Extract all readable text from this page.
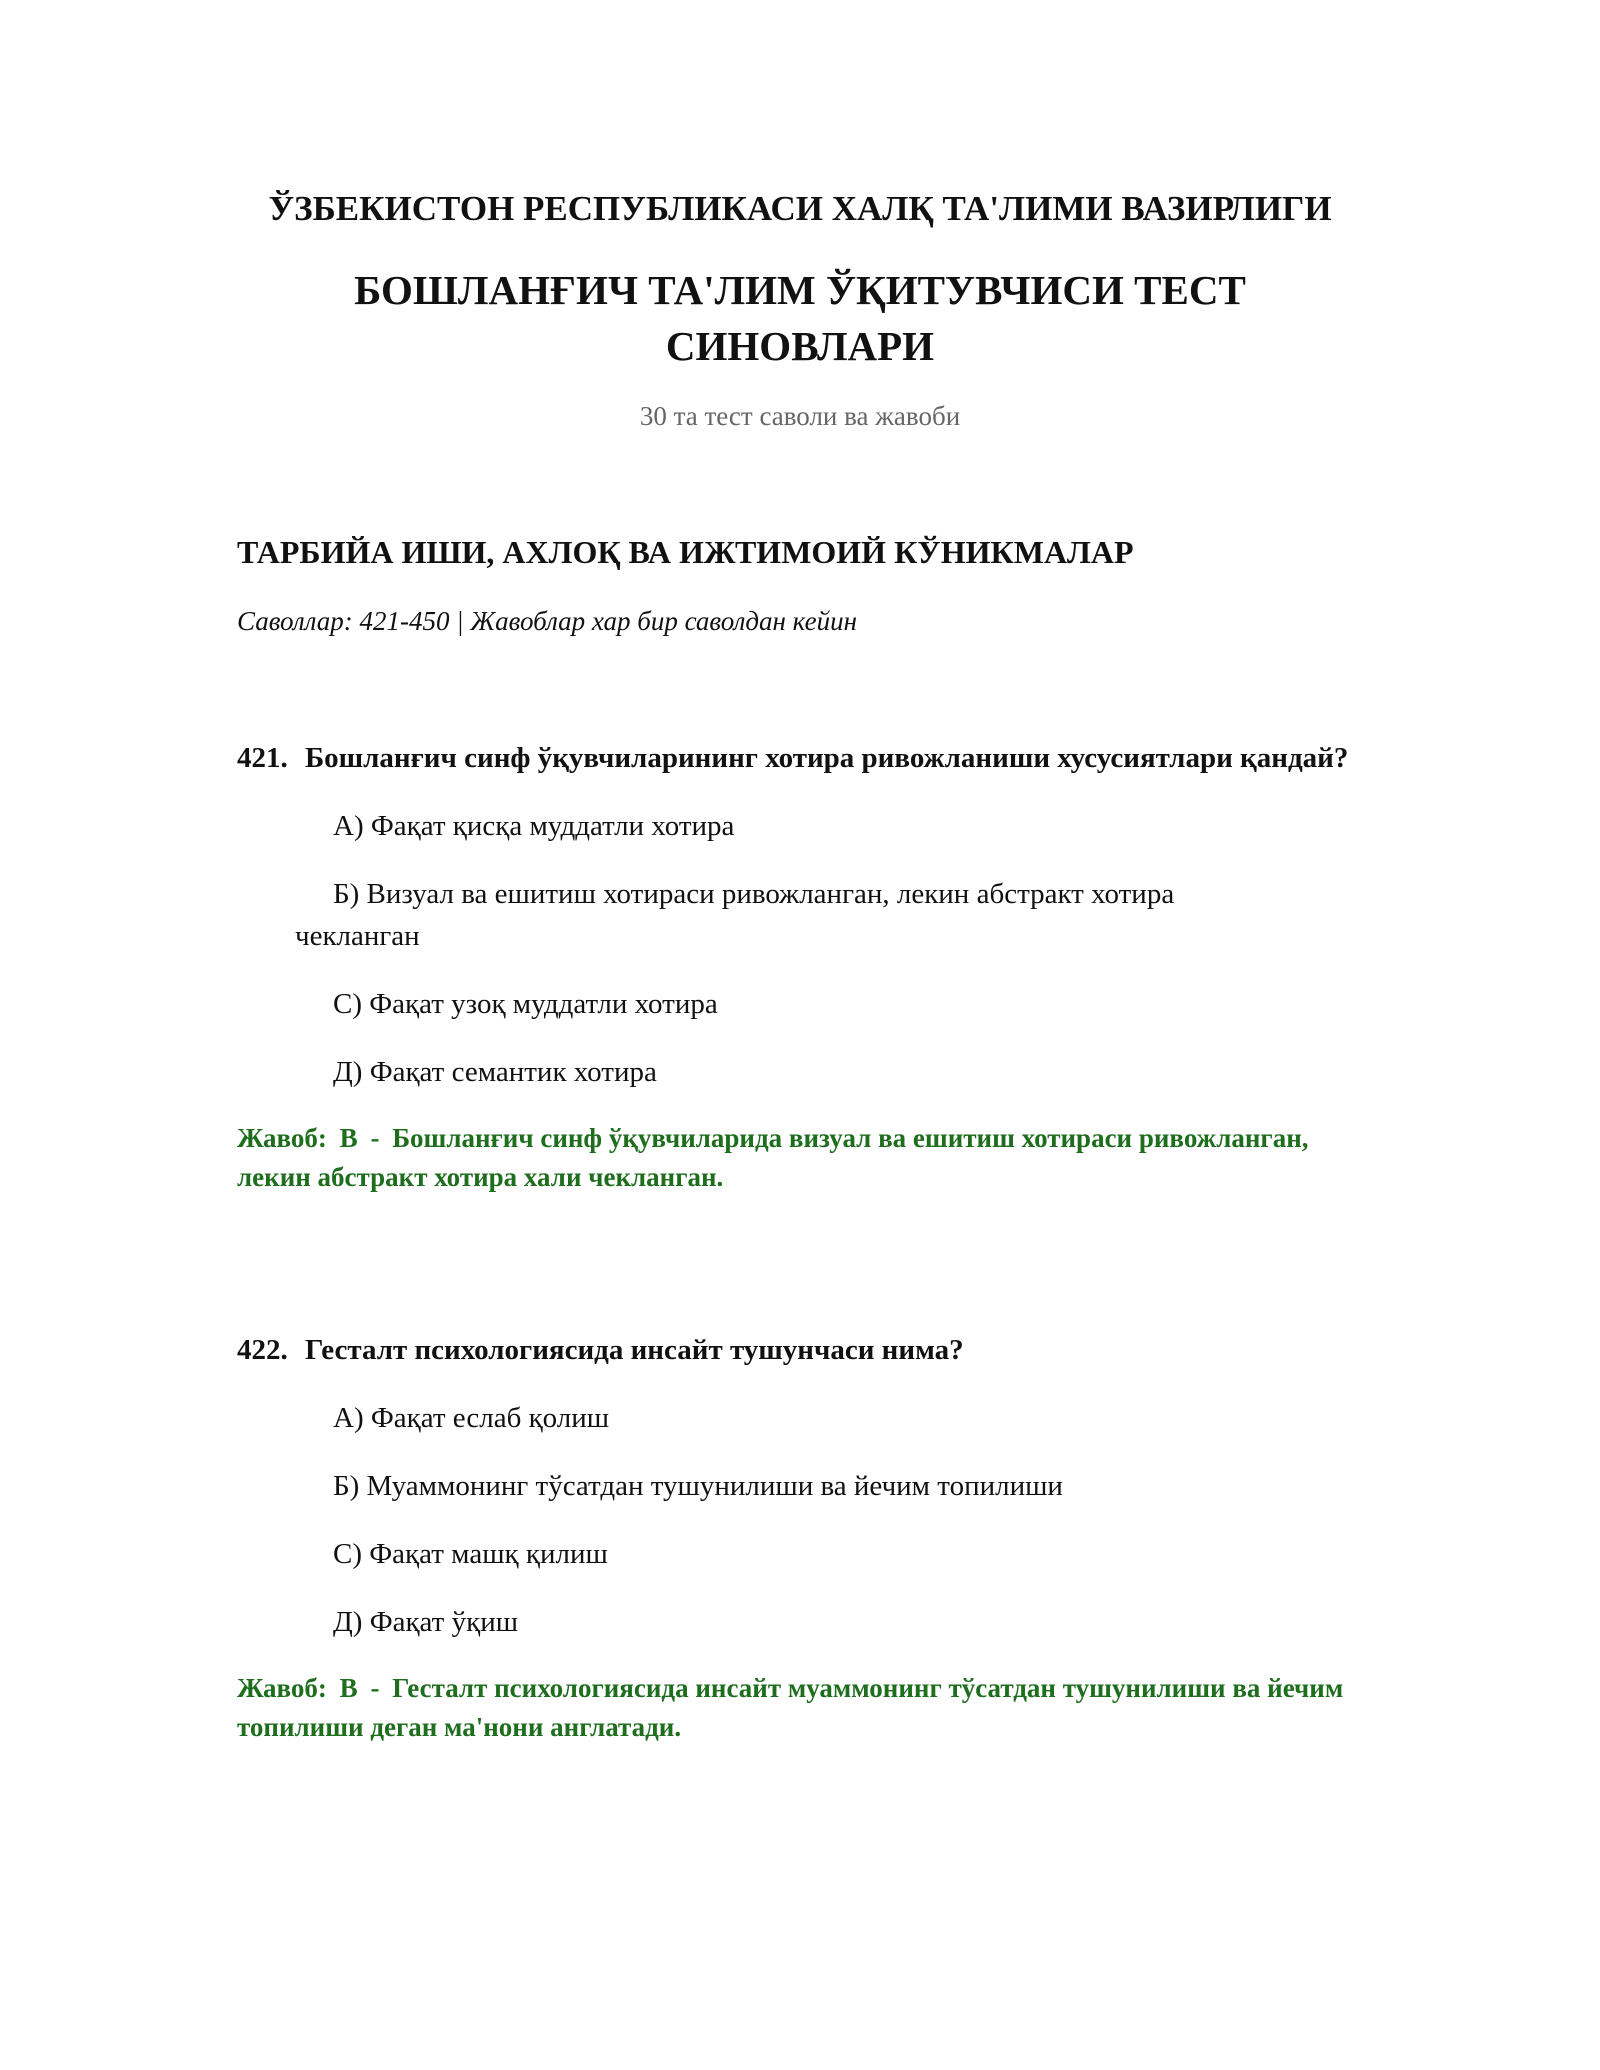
ЎЗБЕКИСТОН РЕСПУБЛИКАСИ ХАЛҚ ТА'ЛИМИ ВАЗИРЛИГИ
БОШЛАНҒИЧ ТА'ЛИМ ЎҚИТУВЧИСИ ТЕСТ СИНОВЛАРИ
30 та тест саволи ва жавоби
ТАРБИЙА ИШИ, АХЛОҚ ВА ИЖТИМОИЙ КЎНИКМАЛАР
Саволлар: 421-450 | Жавоблар хар бир саволдан кейин

421. Бошланғич синф ўқувчиларининг хотира ривожланиши хусусиятлари қандай?

А) Фақат қисқа муддатли хотира

Б) Визуал ва ешитиш хотираси ривожланган, лекин абстракт хотира чекланган

С) Фақат узоқ муддатли хотира

Д) Фақат семантик хотира

Жавоб: B - Бошланғич синф ўқувчиларида визуал ва ешитиш хотираси ривожланган, лекин абстракт хотира хали чекланган.

422. Гесталт психологиясида инсайт тушунчаси нима?

А) Фақат еслаб қолиш

Б) Муаммонинг тўсатдан тушунилиши ва йечим топилиши

С) Фақат машқ қилиш

Д) Фақат ўқиш

Жавоб: B - Гесталт психологиясида инсайт муаммонинг тўсатдан тушунилиши ва йечим топилиши деган ма'нони англатади.
